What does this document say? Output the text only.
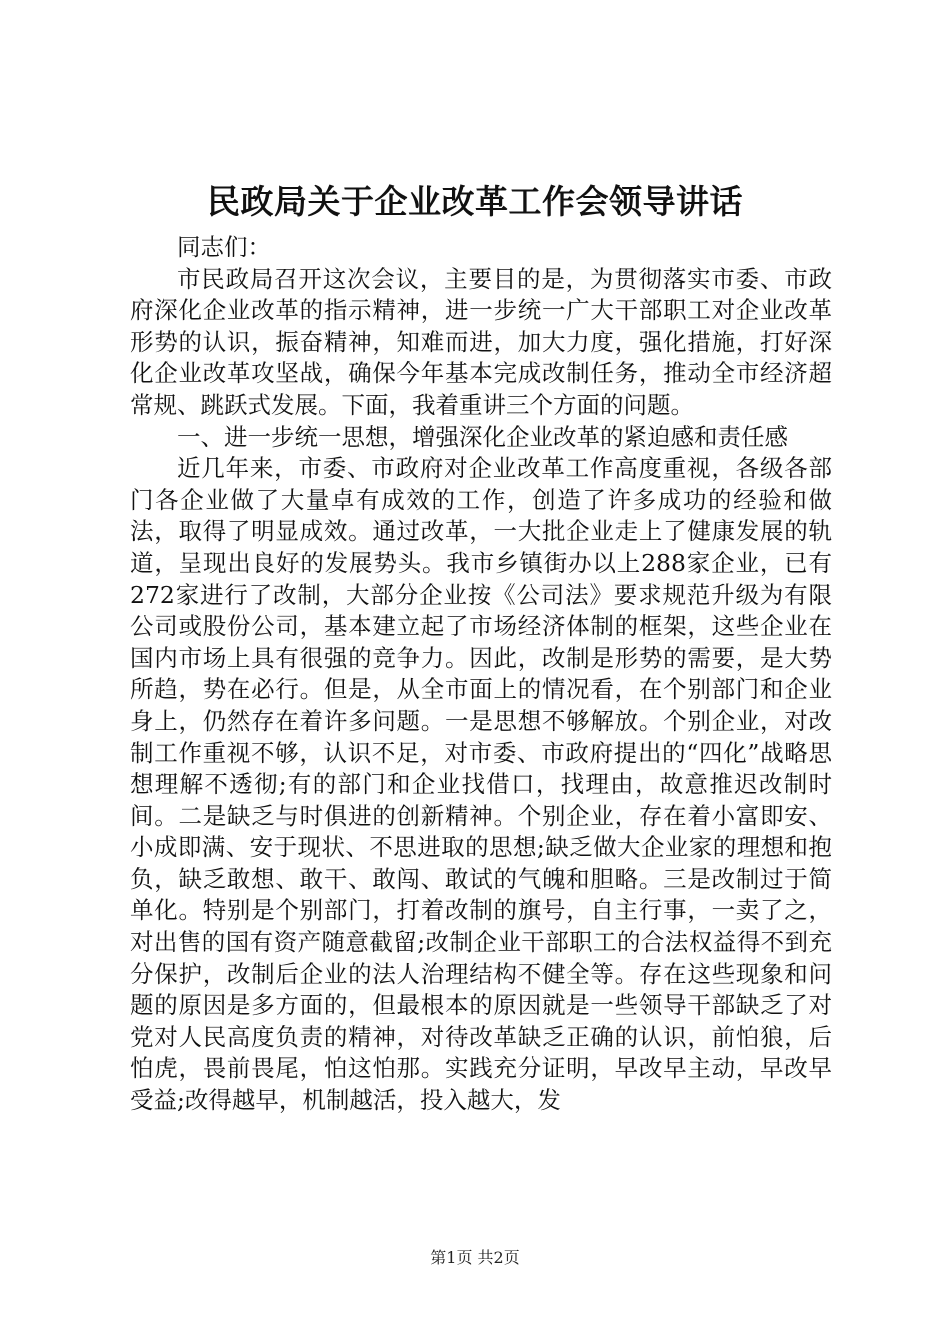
民政局关于企业改革工作会领导讲话

同志们：

市民政局召开这次会议，主要目的是，为贯彻落实市委、市政府深化企业改革的指示精神，进一步统一广大干部职工对企业改革形势的认识，振奋精神，知难而进，加大力度，强化措施，打好深化企业改革攻坚战，确保今年基本完成改制任务，推动全市经济超常规、跳跃式发展。下面，我着重讲三个方面的问题。

一、进一步统一思想，增强深化企业改革的紧迫感和责任感

近几年来，市委、市政府对企业改革工作高度重视，各级各部门各企业做了大量卓有成效的工作，创造了许多成功的经验和做法，取得了明显成效。通过改革，一大批企业走上了健康发展的轨道，呈现出良好的发展势头。我市乡镇街办以上288家企业，已有272家进行了改制，大部分企业按《公司法》要求规范升级为有限公司或股份公司，基本建立起了市场经济体制的框架，这些企业在国内市场上具有很强的竞争力。因此，改制是形势的需要，是大势所趋，势在必行。但是，从全市面上的情况看，在个别部门和企业身上，仍然存在着许多问题。一是思想不够解放。个别企业，对改制工作重视不够，认识不足，对市委、市政府提出的“四化”战略思想理解不透彻;有的部门和企业找借口，找理由，故意推迟改制时间。二是缺乏与时俱进的创新精神。个别企业，存在着小富即安、小成即满、安于现状、不思进取的思想;缺乏做大企业家的理想和抱负，缺乏敢想、敢干、敢闯、敢试的气魄和胆略。三是改制过于简单化。特别是个别部门，打着改制的旗号，自主行事，一卖了之，对出售的国有资产随意截留;改制企业干部职工的合法权益得不到充分保护，改制后企业的法人治理结构不健全等。存在这些现象和问题的原因是多方面的，但最根本的原因就是一些领导干部缺乏了对党对人民高度负责的精神，对待改革缺乏正确的认识，前怕狼，后怕虎，畏前畏尾，怕这怕那。实践充分证明，早改早主动，早改早受益;改得越早，机制越活，投入越大，发

第1页 共2页
